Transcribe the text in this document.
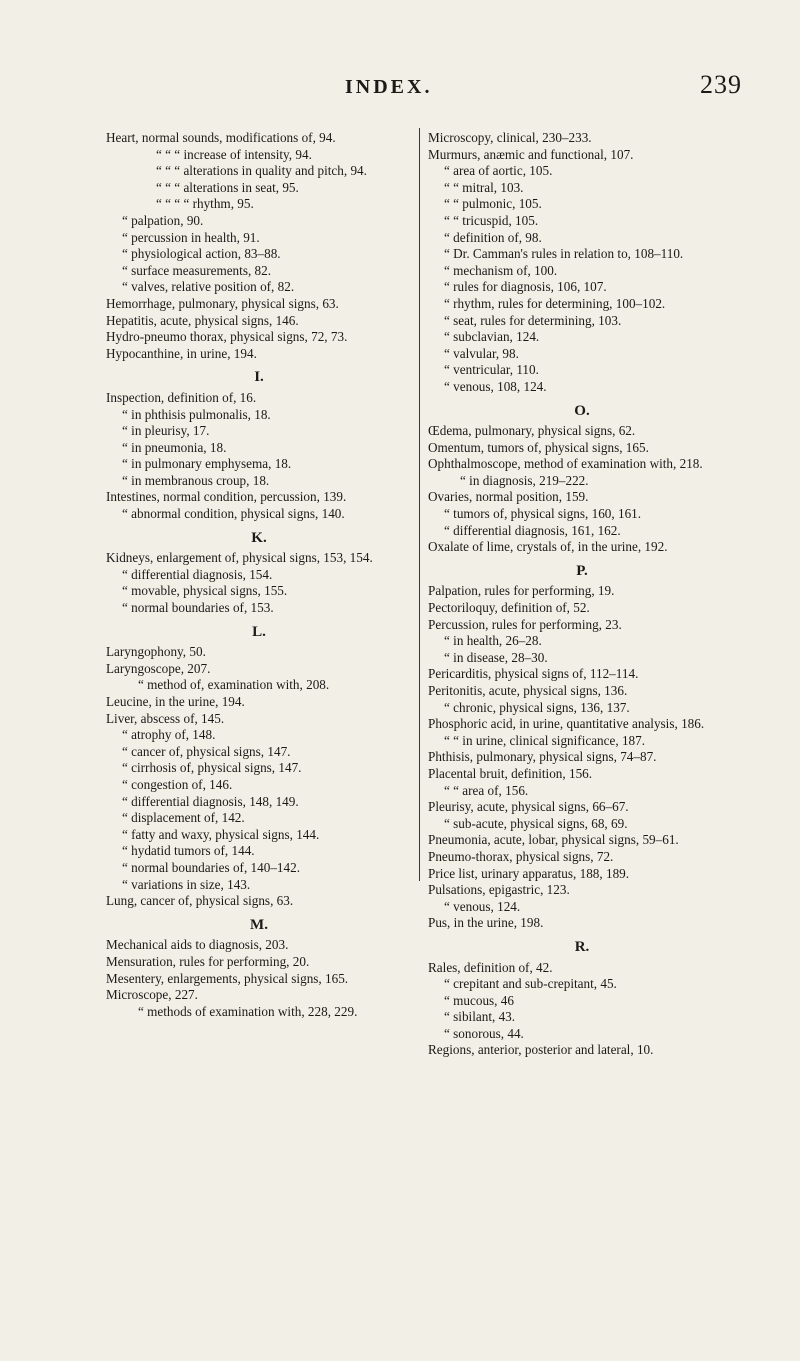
INDEX.	239

Heart, normal sounds, modifications of, 94.

“ “ “ increase of intensity, 94.

“ “ “ alterations in quality and pitch, 94.

“ “ “ alterations in seat, 95.

“ “ “ “ rhythm, 95.

“ palpation, 90.

“ percussion in health, 91.

“ physiological action, 83–88.

“ surface measurements, 82.

“ valves, relative position of, 82.

Hemorrhage, pulmonary, physical signs, 63.

Hepatitis, acute, physical signs, 146.

Hydro-pneumo thorax, physical signs, 72, 73.

Hypocanthine, in urine, 194.

I.

Inspection, definition of, 16.

“ in phthisis pulmonalis, 18.

“ in pleurisy, 17.

“ in pneumonia, 18.

“ in pulmonary emphysema, 18.

“ in membranous croup, 18.

Intestines, normal condition, percussion, 139.

“ abnormal condition, physical signs, 140.

K.

Kidneys, enlargement of, physical signs, 153, 154.

“ differential diagnosis, 154.

“ movable, physical signs, 155.

“ normal boundaries of, 153.

L.

Laryngophony, 50.

Laryngoscope, 207.

“ method of, examination with, 208.

Leucine, in the urine, 194.

Liver, abscess of, 145.

“ atrophy of, 148.

“ cancer of, physical signs, 147.

“ cirrhosis of, physical signs, 147.

“ congestion of, 146.

“ differential diagnosis, 148, 149.

“ displacement of, 142.

“ fatty and waxy, physical signs, 144.

“ hydatid tumors of, 144.

“ normal boundaries of, 140–142.

“ variations in size, 143.

Lung, cancer of, physical signs, 63.

M.

Mechanical aids to diagnosis, 203.

Mensuration, rules for performing, 20.

Mesentery, enlargements, physical signs, 165.

Microscope, 227.

“ methods of examination with, 228, 229.

Microscopy, clinical, 230–233.

Murmurs, anæmic and functional, 107.

“ area of aortic, 105.

“ “ mitral, 103.

“ “ pulmonic, 105.

“ “ tricuspid, 105.

“ definition of, 98.

“ Dr. Camman's rules in relation to, 108–110.

“ mechanism of, 100.

“ rules for diagnosis, 106, 107.

“ rhythm, rules for determining, 100–102.

“ seat, rules for determining, 103.

“ subclavian, 124.

“ valvular, 98.

“ ventricular, 110.

“ venous, 108, 124.

O.

Œdema, pulmonary, physical signs, 62.

Omentum, tumors of, physical signs, 165.

Ophthalmoscope, method of examination with, 218.

“ in diagnosis, 219–222.

Ovaries, normal position, 159.

“ tumors of, physical signs, 160, 161.

“ differential diagnosis, 161, 162.

Oxalate of lime, crystals of, in the urine, 192.

P.

Palpation, rules for performing, 19.

Pectoriloquy, definition of, 52.

Percussion, rules for performing, 23.

“ in health, 26–28.

“ in disease, 28–30.

Pericarditis, physical signs of, 112–114.

Peritonitis, acute, physical signs, 136.

“ chronic, physical signs, 136, 137.

Phosphoric acid, in urine, quantitative analysis, 186.

“ “ in urine, clinical significance, 187.

Phthisis, pulmonary, physical signs, 74–87.

Placental bruit, definition, 156.

“ “ area of, 156.

Pleurisy, acute, physical signs, 66–67.

“ sub-acute, physical signs, 68, 69.

Pneumonia, acute, lobar, physical signs, 59–61.

Pneumo-thorax, physical signs, 72.

Price list, urinary apparatus, 188, 189.

Pulsations, epigastric, 123.

“ venous, 124.

Pus, in the urine, 198.

R.

Rales, definition of, 42.

“ crepitant and sub-crepitant, 45.

“ mucous, 46

“ sibilant, 43.

“ sonorous, 44.

Regions, anterior, posterior and lateral, 10.
